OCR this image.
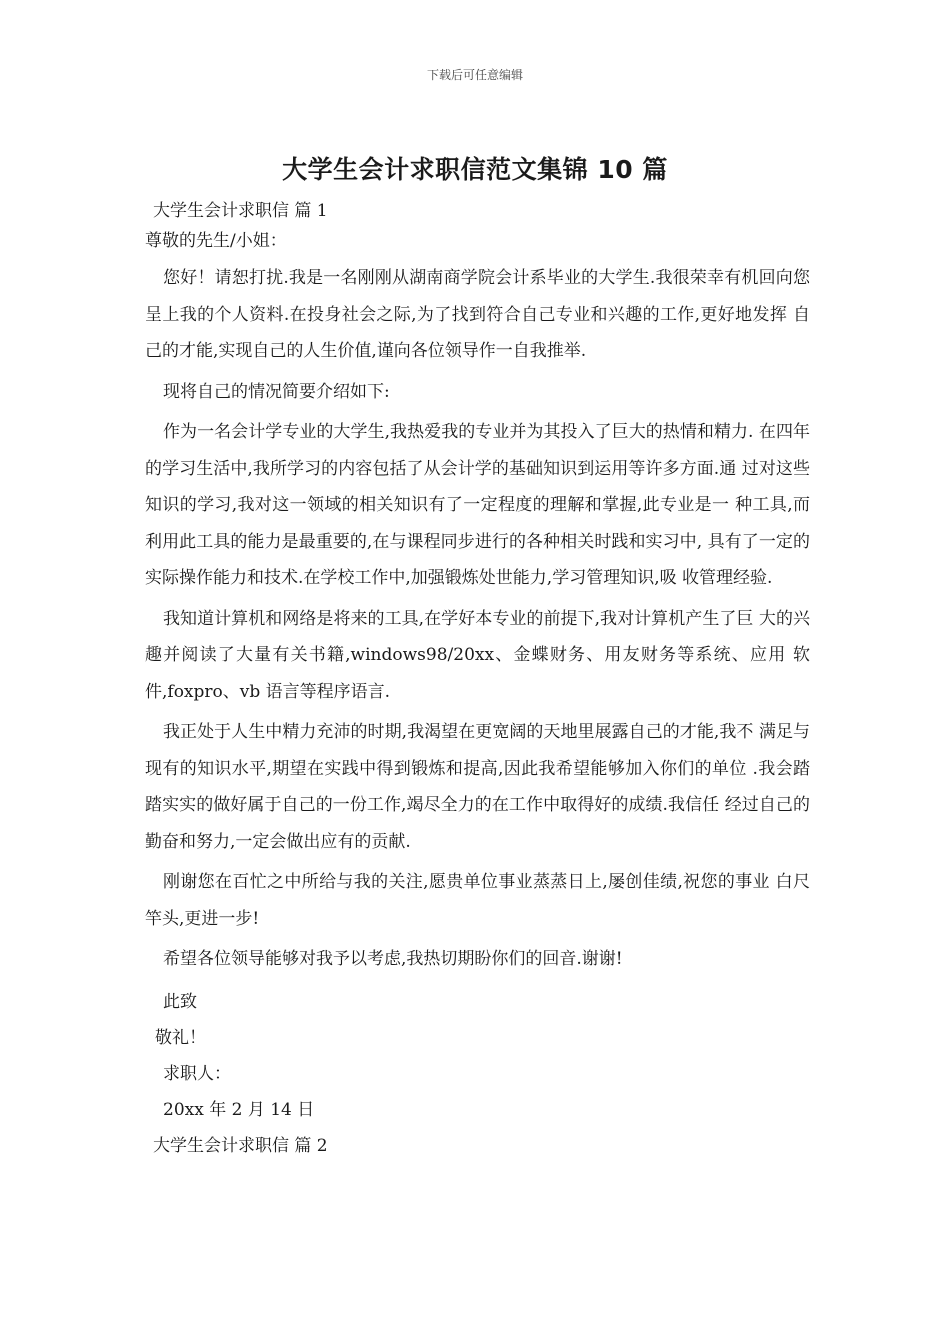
下载后可任意编辑
大学生会计求职信范文集锦 10 篇
大学生会计求职信 篇 1
尊敬的先生/小姐：

您好！请恕打扰.我是一名刚刚从湖南商学院会计系毕业的大学生.我很荣幸有机回向您 呈上我的个人资料.在投身社会之际,为了找到符合自己专业和兴趣的工作,更好地发挥 自己的才能,实现自己的人生价值,谨向各位领导作一自我推举.

现将自己的情况简要介绍如下:

作为一名会计学专业的大学生,我热爱我的专业并为其投入了巨大的热情和精力. 在四年的学习生活中,我所学习的内容包括了从会计学的基础知识到运用等许多方面.通 过对这些知识的学习,我对这一领域的相关知识有了一定程度的理解和掌握,此专业是一 种工具,而利用此工具的能力是最重要的,在与课程同步进行的各种相关时践和实习中, 具有了一定的实际操作能力和技术.在学校工作中,加强锻炼处世能力,学习管理知识,吸 收管理经验.

我知道计算机和网络是将来的工具,在学好本专业的前提下,我对计算机产生了巨 大的兴趣并阅读了大量有关书籍,windows98/20xx、金蝶财务、用友财务等系统、应用 软件,foxpro、vb 语言等程序语言.

我正处于人生中精力充沛的时期,我渴望在更宽阔的天地里展露自己的才能,我不 满足与现有的知识水平,期望在实践中得到锻炼和提高,因此我希望能够加入你们的单位 .我会踏踏实实的做好属于自己的一份工作,竭尽全力的在工作中取得好的成绩.我信任 经过自己的勤奋和努力,一定会做出应有的贡献.

刚谢您在百忙之中所给与我的关注,愿贵单位事业蒸蒸日上,屡创佳绩,祝您的事业 白尺竿头,更进一步!

希望各位领导能够对我予以考虑,我热切期盼你们的回音.谢谢!

此致
敬礼！
求职人：
20xx 年 2 月 14 日
大学生会计求职信 篇 2
